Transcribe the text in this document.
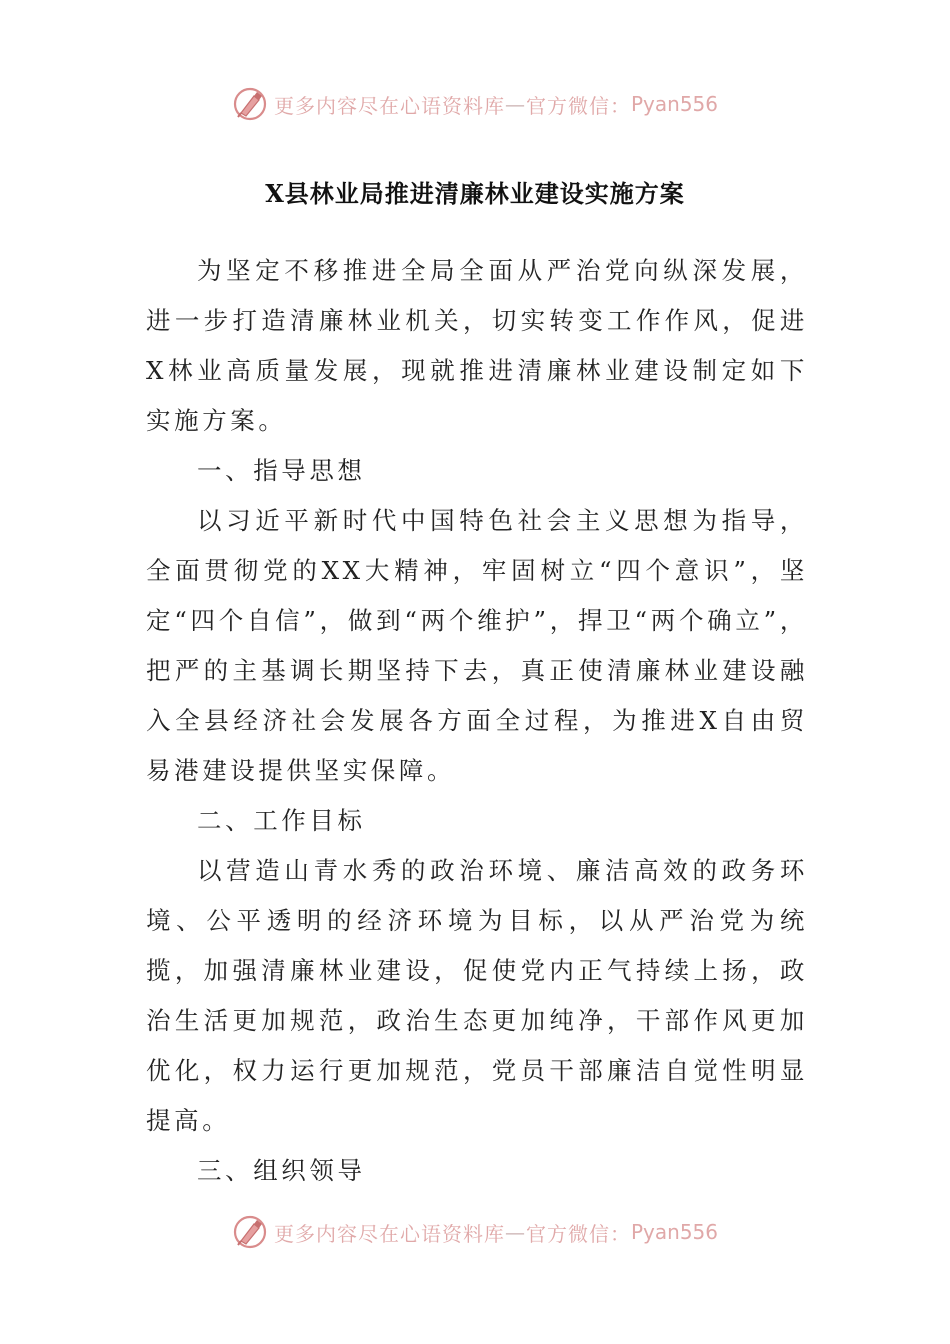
更多内容尽在心语资料库 — 官方微信： Pyan556
X县林业局推进清廉林业建设实施方案

为坚定不移推进全局全面从严治党向纵深发展，进一步打造清廉林业机关，切实转变工作作风，促进X林业高质量发展，现就推进清廉林业建设制定如下实施方案。

一、指导思想

以习近平新时代中国特色社会主义思想为指导，全面贯彻党的XX大精神，牢固树立“四个意识”，坚定“四个自信”，做到“两个维护”，捍卫“两个确立”，把严的主基调长期坚持下去，真正使清廉林业建设融入全县经济社会发展各方面全过程，为推进X自由贸易港建设提供坚实保障。

二、工作目标

以营造山青水秀的政治环境、廉洁高效的政务环境、公平透明的经济环境为目标，以从严治党为统揽，加强清廉林业建设，促使党内正气持续上扬，政治生活更加规范，政治生态更加纯净，干部作风更加优化，权力运行更加规范，党员干部廉洁自觉性明显提高。

三、组织领导

更多内容尽在心语资料库 — 官方微信： Pyan556
